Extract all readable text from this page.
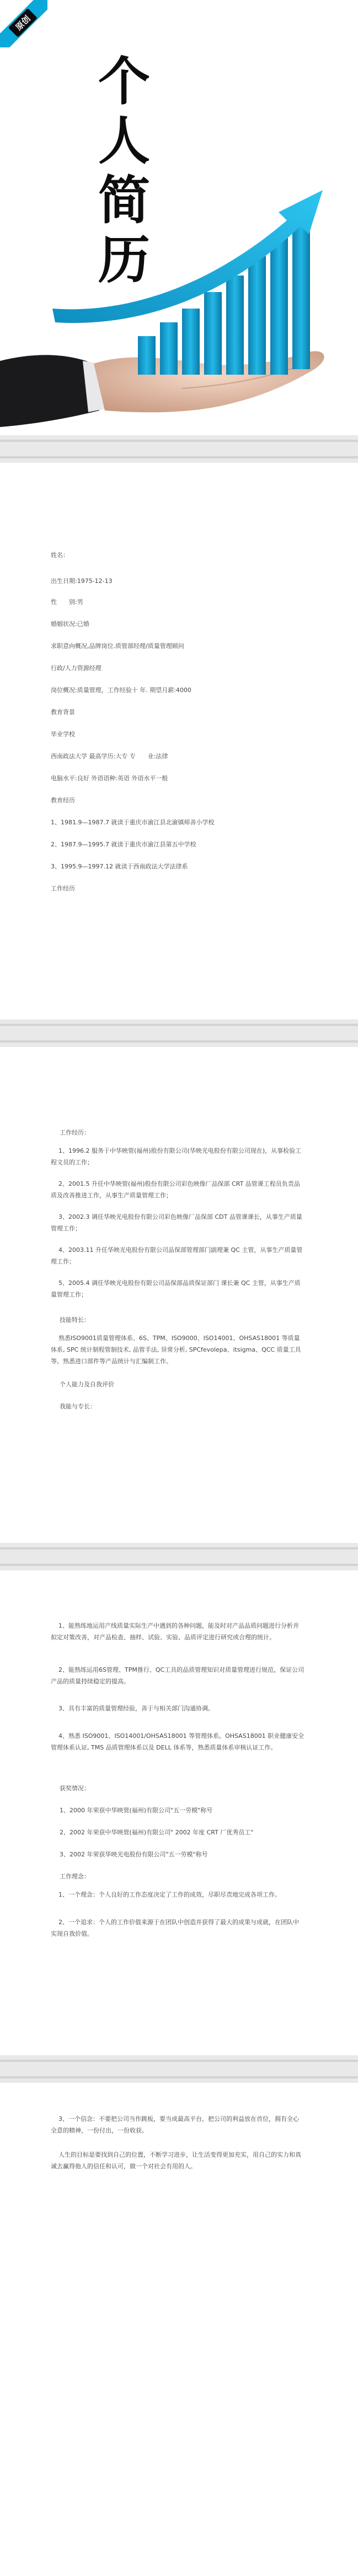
原创
个
人
简
历
姓名：
出生日期:1975-12-13
性　　别:男
婚姻状况:已婚
求职意向概况,品牌岗位.质管部经理/质量管理顾问
行政/人力资源经理
岗位概况:质量管理，工作经验十 年. 期望月薪:4000
教育背景
毕业学校
西南政法大学 最高学历:大专 专　　业:法律
电脑水平:良好 外语语种:英语 外语水平一般
教育经历
1、1981.9—1987.7 就读于重庆市渝江县北渝镇师善小学校
2、1987.9—1995.7 就读于重庆市渝江县第五中学校
3、1995.9—1997.12 就读于西南政法大学法律系
工作经历
工作经历：
1、1996.2 服务于中华映管(福州)股份有限公司(华映光电股份有限公司现在)，从事检验工程文员的工作；
2、2001.5 升任中华映管(福州)股份有限公司彩色映像厂品保部 CRT 品管课工程员负责品质及改善推进工作，从事生产质量管理工作；
3、2002.3 调任华映光电股份有限公司彩色映像厂品保部 CDT 品管课课长，从事生产质量管理工作；
4、2003.11 升任华映光电股份有限公司品保部管理部门副理兼 QC 主管，从事生产质量管理工作；
5、2005.4 调任华映光电股份有限公司品保部品质保证部门 课长兼 QC 主管，从事生产质量管理工作；
技能特长：
熟悉ISO9001质量管理体系、6S、TPM、ISO9000、ISO14001、OHSAS18001 等质量体系, SPC 统计制程管制技术, 品管手法, 异常分析, SPCfevolepa、itsigma、QCC 质量工具等。熟悉进口部件等产品统计与汇编制工作。
个人能力及自我评价
我能与专长：
1、能熟练地运用产线质量实际生产中遇到的各种问题，能及时对产品品质问题进行分析并拟定对策改善，对产品检查、抽样、试验、实验、品质评定进行研究或合理的统计。
2、能熟练运用6S管理、TPM推行、QC工具的品质管理知识对质量管理进行规范，保证公司产品的质量持续稳定的提高。
3、具有丰富的质量管理经验，善于与相关部门沟通协调。
4、熟悉 ISO9001、ISO14001/OHSAS18001 等管理体系。OHSAS18001 职业健康安全管理体系认证, TMS 品质管理体系以及 DELL 体系等，熟悉质量体系审核认证工作。
获奖情况：
1、2000 年荣获中华映管(福州)有限公司"五一劳模"称号
2、2002 年荣获中华映管(福州)有限公司" 2002 年度 CRT 厂优秀员工"
3、2002 年荣获华映光电股份有限公司"五一劳模"称号
工作理念：
1、一个理念：个人良好的工作态度决定了工作的成效，尽职尽责地完成各项工作。
2、一个追求：个人的工作价值来源于在团队中创造并获得了最大的成果与成就，在团队中实现自我价值。
3、一个信念：不要把公司当作跳板，要当成最高平台，把公司的利益放在首位，拥有全心全意的精神，一份付出，一份收获。
人生的目标是要找到自己的位置，不断学习进步，让生活变得更加充实，用自己的实力和真诚去赢得他人的信任和认可，做一个对社会有用的人。
